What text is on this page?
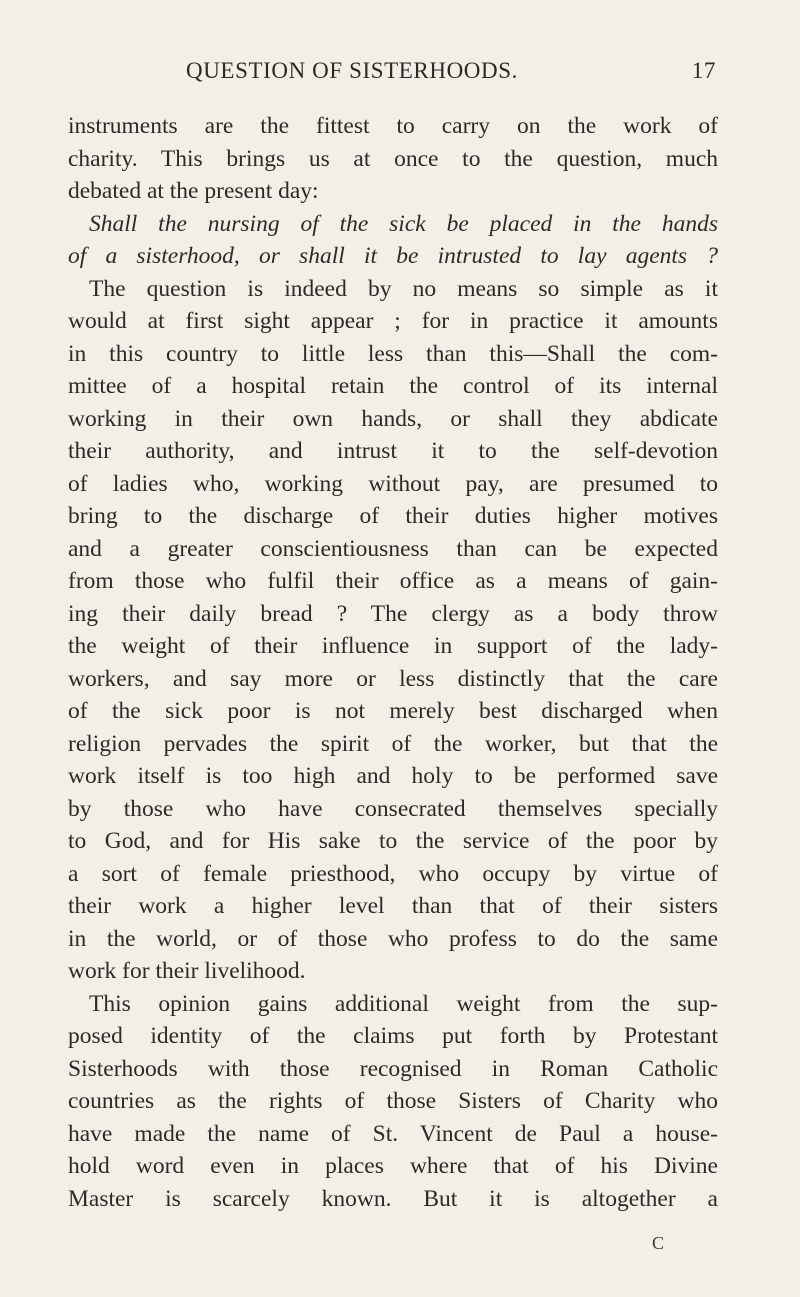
QUESTION OF SISTERHOODS.	17
instruments are the fittest to carry on the work of
charity. This brings us at once to the question, much
debated at the present day:
Shall the nursing of the sick be placed in the hands
of a sisterhood, or shall it be intrusted to lay agents ?
The question is indeed by no means so simple as it
would at first sight appear ; for in practice it amounts
in this country to little less than this—Shall the com-
mittee of a hospital retain the control of its internal
working in their own hands, or shall they abdicate
their authority, and intrust it to the self-devotion
of ladies who, working without pay, are presumed to
bring to the discharge of their duties higher motives
and a greater conscientiousness than can be expected
from those who fulfil their office as a means of gain-
ing their daily bread ? The clergy as a body throw
the weight of their influence in support of the lady-
workers, and say more or less distinctly that the care
of the sick poor is not merely best discharged when
religion pervades the spirit of the worker, but that the
work itself is too high and holy to be performed save
by those who have consecrated themselves specially
to God, and for His sake to the service of the poor by
a sort of female priesthood, who occupy by virtue of
their work a higher level than that of their sisters
in the world, or of those who profess to do the same
work for their livelihood.
This opinion gains additional weight from the sup-
posed identity of the claims put forth by Protestant
Sisterhoods with those recognised in Roman Catholic
countries as the rights of those Sisters of Charity who
have made the name of St. Vincent de Paul a house-
hold word even in places where that of his Divine
Master is scarcely known. But it is altogether a
C
